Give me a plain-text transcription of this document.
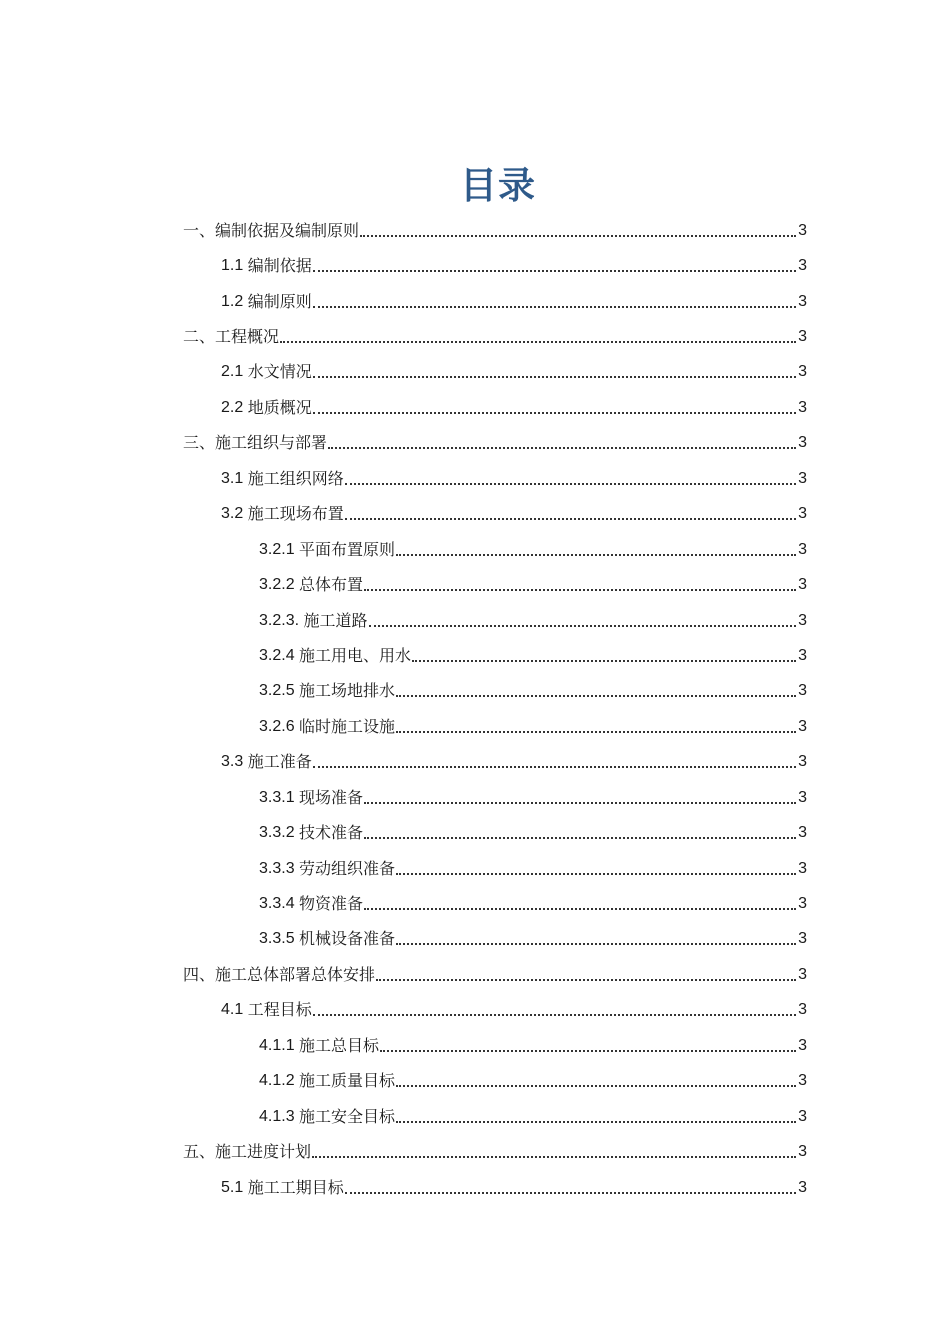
目录
一、编制依据及编制原则	3
1.1 编制依据	3
1.2 编制原则	3
二、工程概况	3
2.1 水文情况	3
2.2 地质概况	3
三、施工组织与部署	3
3.1 施工组织网络	3
3.2 施工现场布置	3
3.2.1 平面布置原则	3
3.2.2 总体布置	3
3.2.3. 施工道路	3
3.2.4 施工用电、用水	3
3.2.5 施工场地排水	3
3.2.6 临时施工设施	3
3.3 施工准备	3
3.3.1 现场准备	3
3.3.2 技术准备	3
3.3.3 劳动组织准备	3
3.3.4 物资准备	3
3.3.5 机械设备准备	3
四、施工总体部署总体安排	3
4.1 工程目标	3
4.1.1 施工总目标	3
4.1.2 施工质量目标	3
4.1.3 施工安全目标	3
五、施工进度计划	3
5.1 施工工期目标	3
